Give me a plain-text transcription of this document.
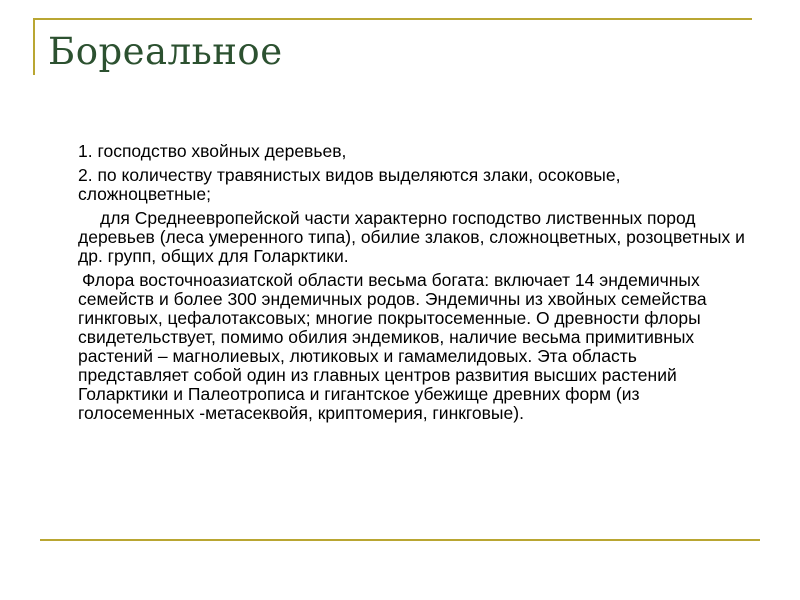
Бореальное

1. господство хвойных деревьев,

2. по количеству травянистых видов выделяются злаки, осоковые, сложноцветные;

для Среднеевропейской части характерно господство лиственных пород деревьев (леса умеренного типа), обилие злаков, сложноцветных, розоцветных и др. групп, общих для Голарктики.

Флора восточноазиатской области весьма богата: включает 14 эндемичных семейств и более 300 эндемичных родов. Эндемичны из хвойных семейства гинкговых, цефалотаксовых; многие покрытосеменные. О древности флоры свидетельствует, помимо обилия эндемиков, наличие весьма примитивных растений – магнолиевых, лютиковых и гамамелидовых. Эта область представляет собой один из главных центров развития высших растений Голарктики и Палеотрописа и гигантское убежище древних форм (из голосеменных -метасеквойя, криптомерия, гинкговые).
